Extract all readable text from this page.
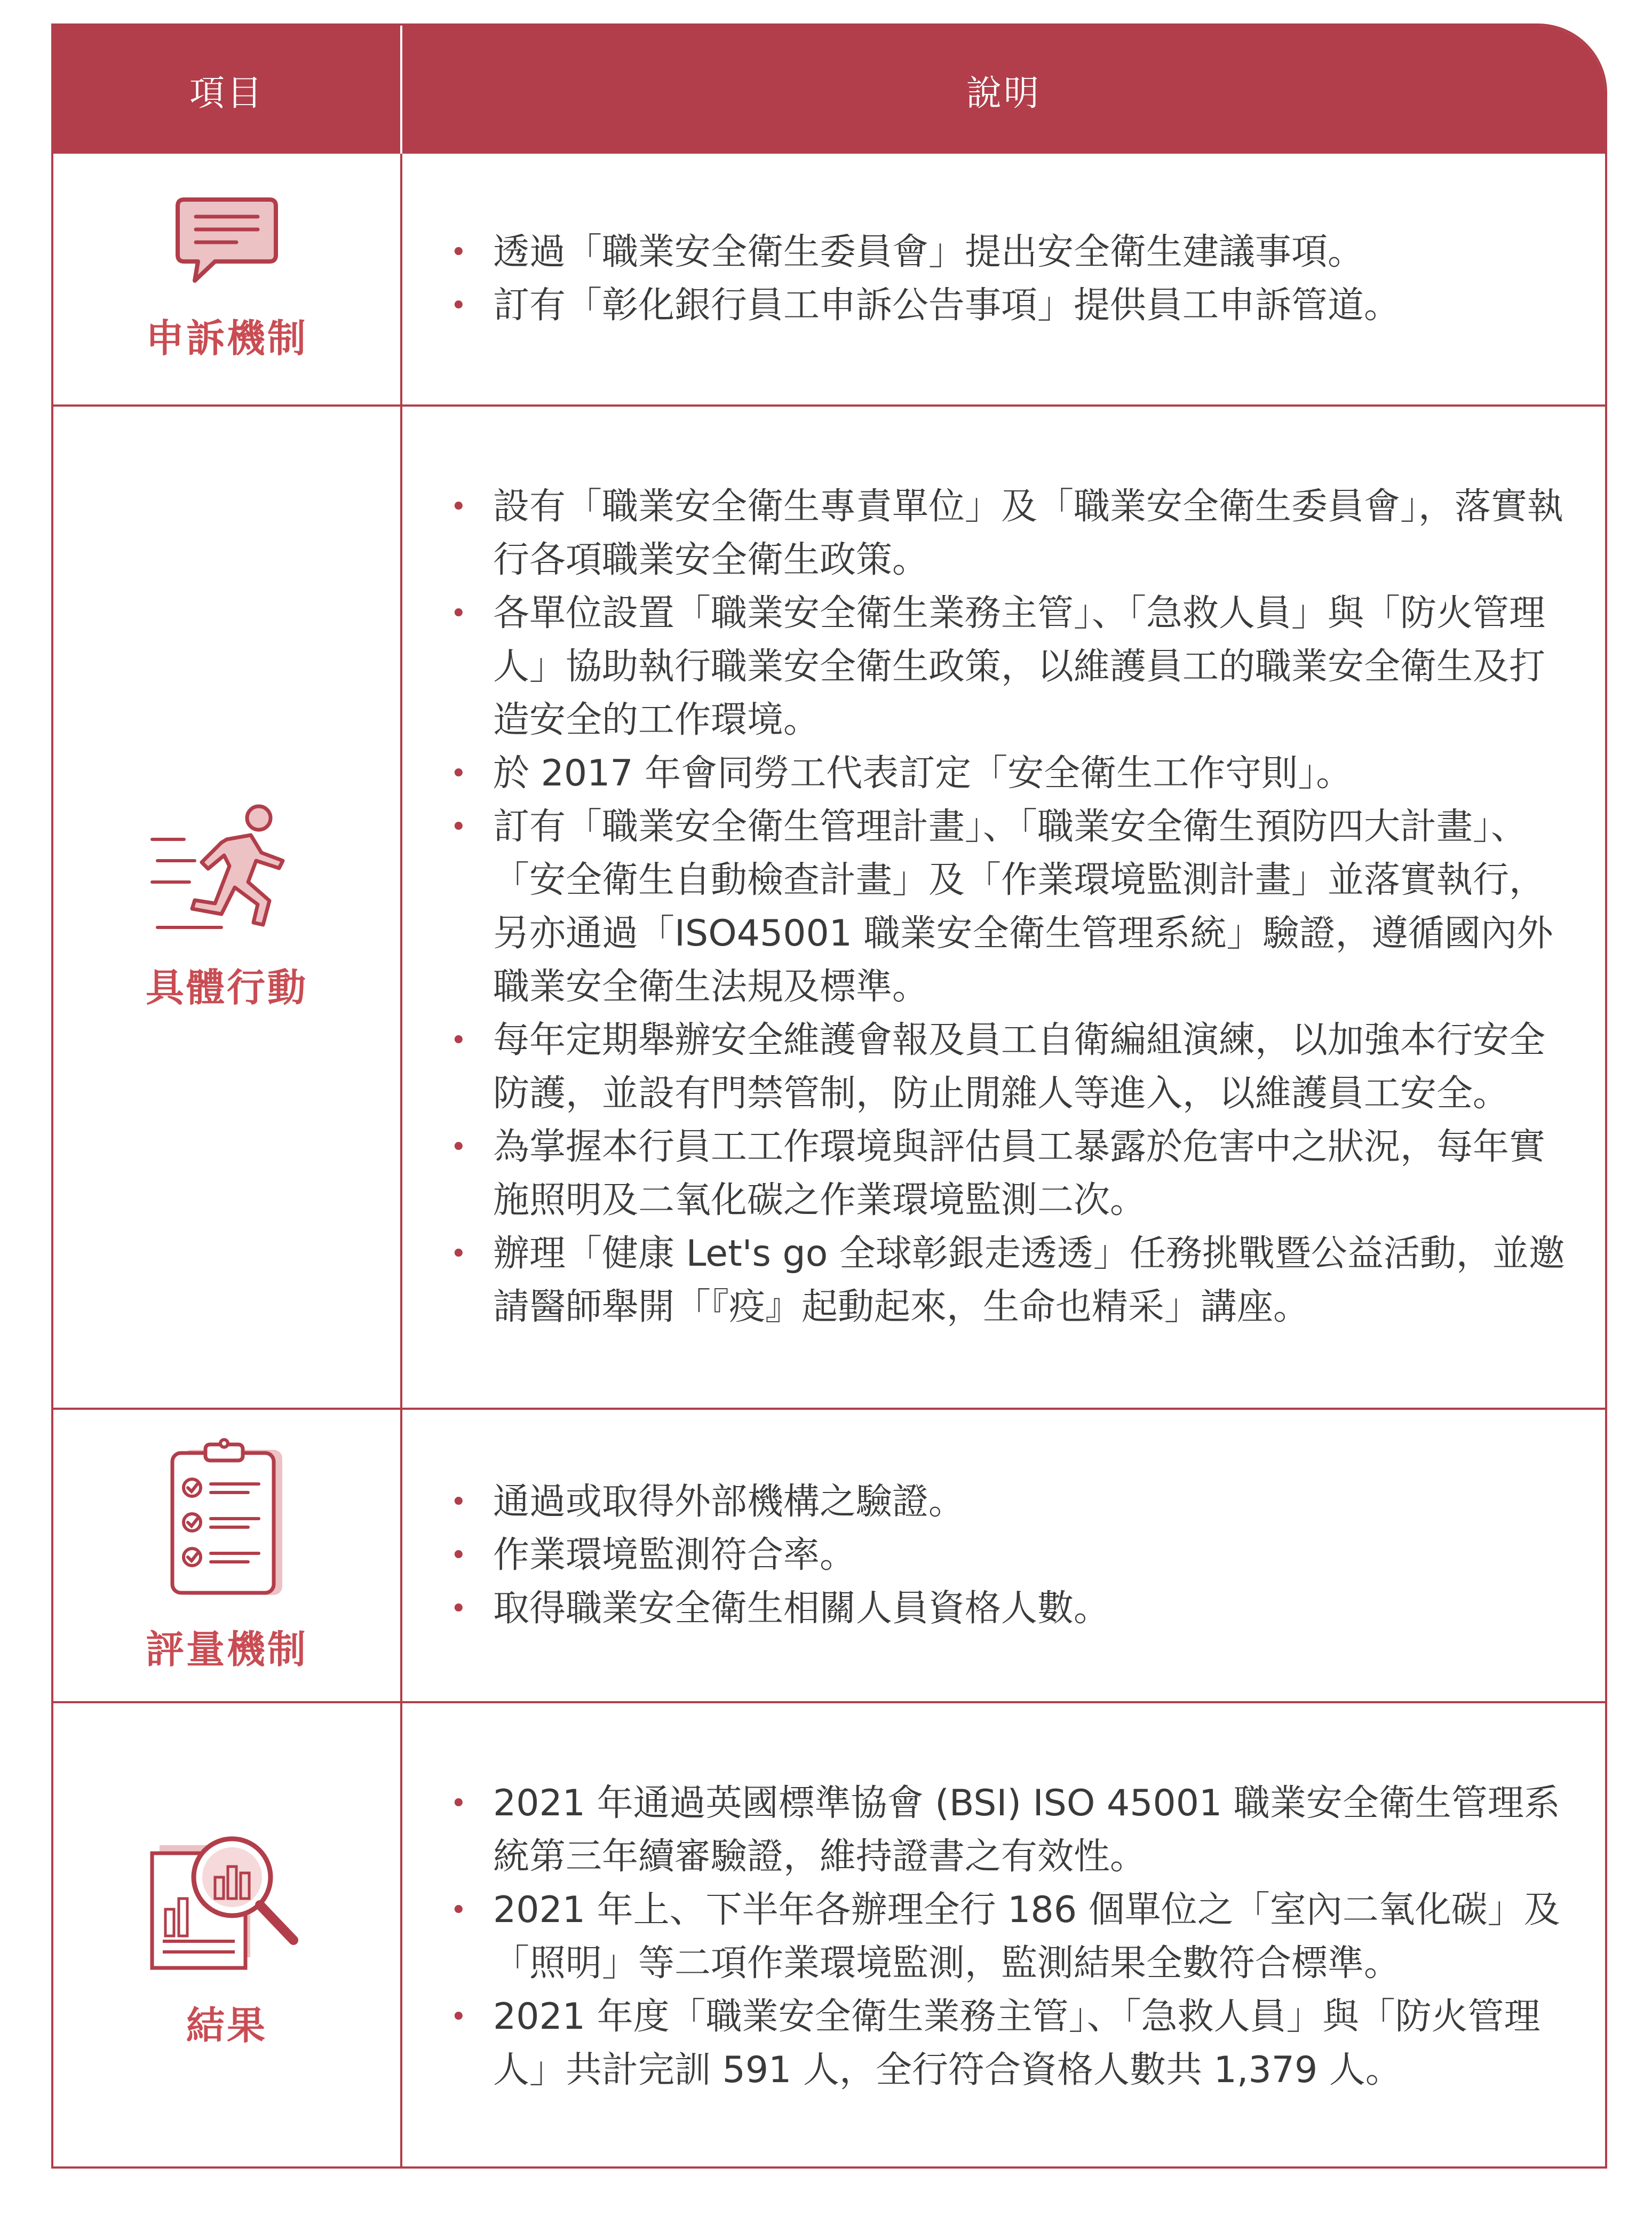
項目	說明
申訴機制
• 透過「職業安全衛生委員會」提出安全衛生建議事項。
• 訂有「彰化銀行員工申訴公告事項」提供員工申訴管道。
具體行動
• 設有「職業安全衛生專責單位」及「職業安全衛生委員會」，落實執行各項職業安全衛生政策。
• 各單位設置「職業安全衛生業務主管」、「急救人員」與「防火管理人」協助執行職業安全衛生政策，以維護員工的職業安全衛生及打造安全的工作環境。
• 於 2017 年會同勞工代表訂定「安全衛生工作守則」。
• 訂有「職業安全衛生管理計畫」、「職業安全衛生預防四大計畫」、「安全衛生自動檢查計畫」及「作業環境監測計畫」並落實執行，另亦通過「ISO45001 職業安全衛生管理系統」驗證，遵循國內外職業安全衛生法規及標準。
• 每年定期舉辦安全維護會報及員工自衛編組演練，以加強本行安全防護，並設有門禁管制，防止閒雜人等進入，以維護員工安全。
• 為掌握本行員工工作環境與評估員工暴露於危害中之狀況，每年實施照明及二氧化碳之作業環境監測二次。
• 辦理「健康 Let's go 全球彰銀走透透」任務挑戰暨公益活動，並邀請醫師舉開「『疫』起動起來，生命也精采」講座。
評量機制
• 通過或取得外部機構之驗證。
• 作業環境監測符合率。
• 取得職業安全衛生相關人員資格人數。
結果
• 2021 年通過英國標準協會 (BSI) ISO 45001 職業安全衛生管理系統第三年續審驗證，維持證書之有效性。
• 2021 年上、下半年各辦理全行 186 個單位之「室內二氧化碳」及「照明」等二項作業環境監測，監測結果全數符合標準。
• 2021 年度「職業安全衛生業務主管」、「急救人員」與「防火管理人」共計完訓 591 人，全行符合資格人數共 1,379 人。
